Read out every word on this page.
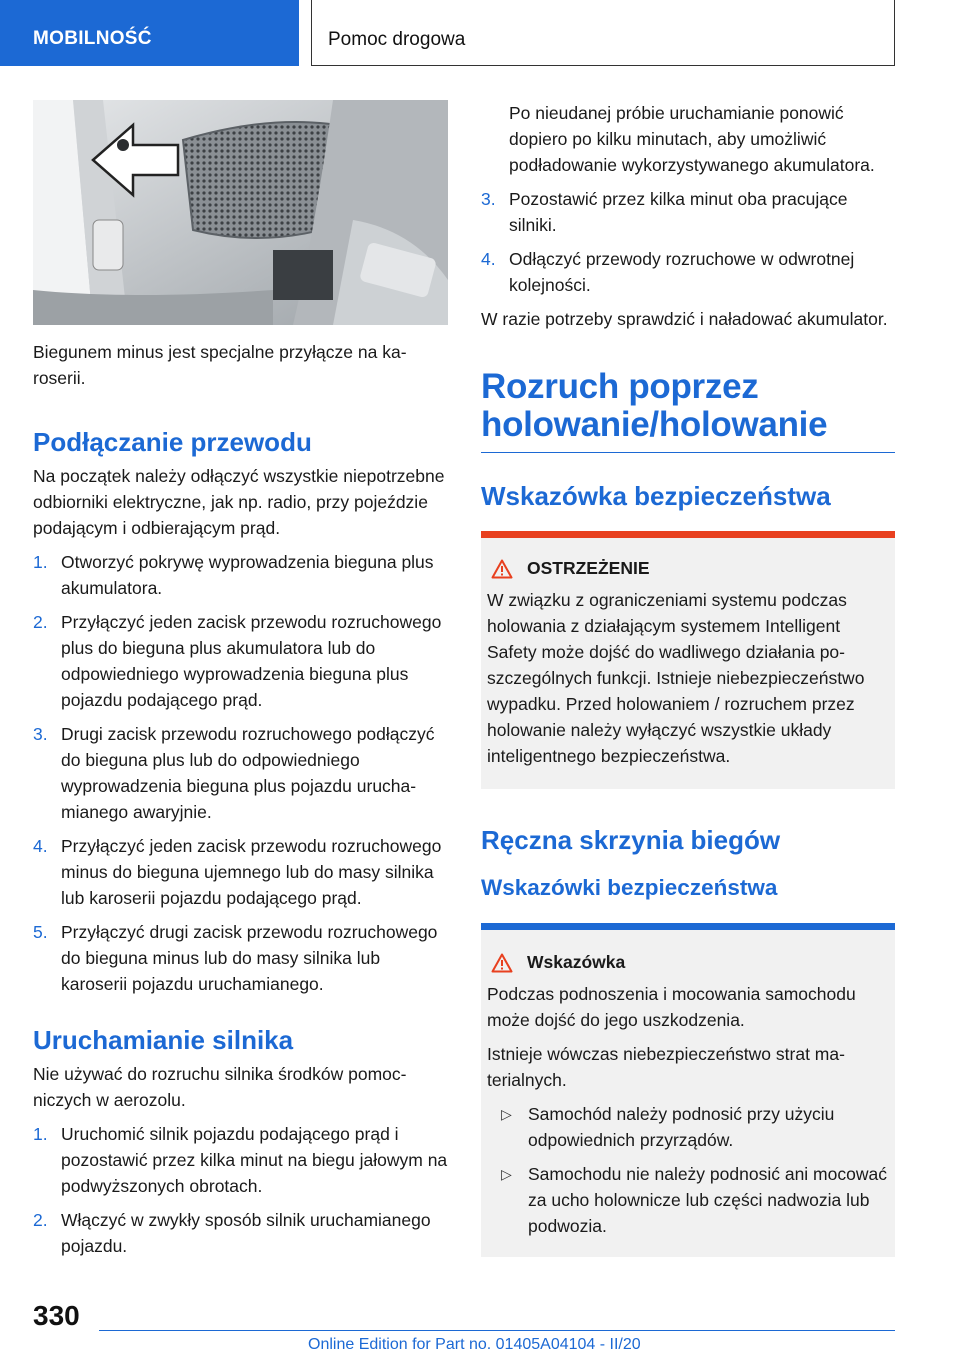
MOBILNOŚĆ	Pomoc drogowa

Biegunem minus jest specjalne przyłącze na karoserii.

Podłączanie przewodu

Na początek należy odłączyć wszystkie niepotrzebne odbiorniki elektryczne, jak np. radio, przy pojeździe podającym i odbierającym prąd.

1. Otworzyć pokrywę wyprowadzenia bieguna plus akumulatora.
2. Przyłączyć jeden zacisk przewodu rozruchowego plus do bieguna plus akumulatora lub do odpowiedniego wyprowadzenia bieguna plus pojazdu podającego prąd.
3. Drugi zacisk przewodu rozruchowego podłączyć do bieguna plus lub do odpowiedniego wyprowadzenia bieguna plus pojazdu uruchamianego awaryjnie.
4. Przyłączyć jeden zacisk przewodu rozruchowego minus do bieguna ujemnego lub do masy silnika lub karoserii pojazdu podającego prąd.
5. Przyłączyć drugi zacisk przewodu rozruchowego do bieguna minus lub do masy silnika lub karoserii pojazdu uruchamianego.
Uruchamianie silnika

Nie używać do rozruchu silnika środków pomocniczych w aerozolu.

1. Uruchomić silnik pojazdu podającego prąd i pozostawić przez kilka minut na biegu jałowym na podwyższonych obrotach.
2. Włączyć w zwykły sposób silnik uruchamianego pojazdu.

Po nieudanej próbie uruchamianie ponowić dopiero po kilku minutach, aby umożliwić podładowanie wykorzystywanego akumulatora.

3. Pozostawić przez kilka minut oba pracujące silniki.
4. Odłączyć przewody rozruchowe w odwrotnej kolejności.

W razie potrzeby sprawdzić i naładować akumulator.

Rozruch poprzez holowanie/holowanie
Wskazówka bezpieczeństwa
OSTRZEŻENIE

W związku z ograniczeniami systemu podczas holowania z działającym systemem Intelligent Safety może dojść do wadliwego działania poszczególnych funkcji. Istnieje niebezpieczeństwo wypadku. Przed holowaniem / rozruchem przez holowanie należy wyłączyć wszystkie układy inteligentnego bezpieczeństwa.

Ręczna skrzynia biegów
Wskazówki bezpieczeństwa
Wskazówka

Podczas podnoszenia i mocowania samochodu może dojść do jego uszkodzenia.

Istnieje wówczas niebezpieczeństwo strat materialnych.

▷ Samochód należy podnosić przy użyciu odpowiednich przyrządów.
▷ Samochodu nie należy podnosić ani mocować za ucho holownicze lub części nadwozia lub podwozia.
330
Online Edition for Part no. 01405A04104 - II/20
